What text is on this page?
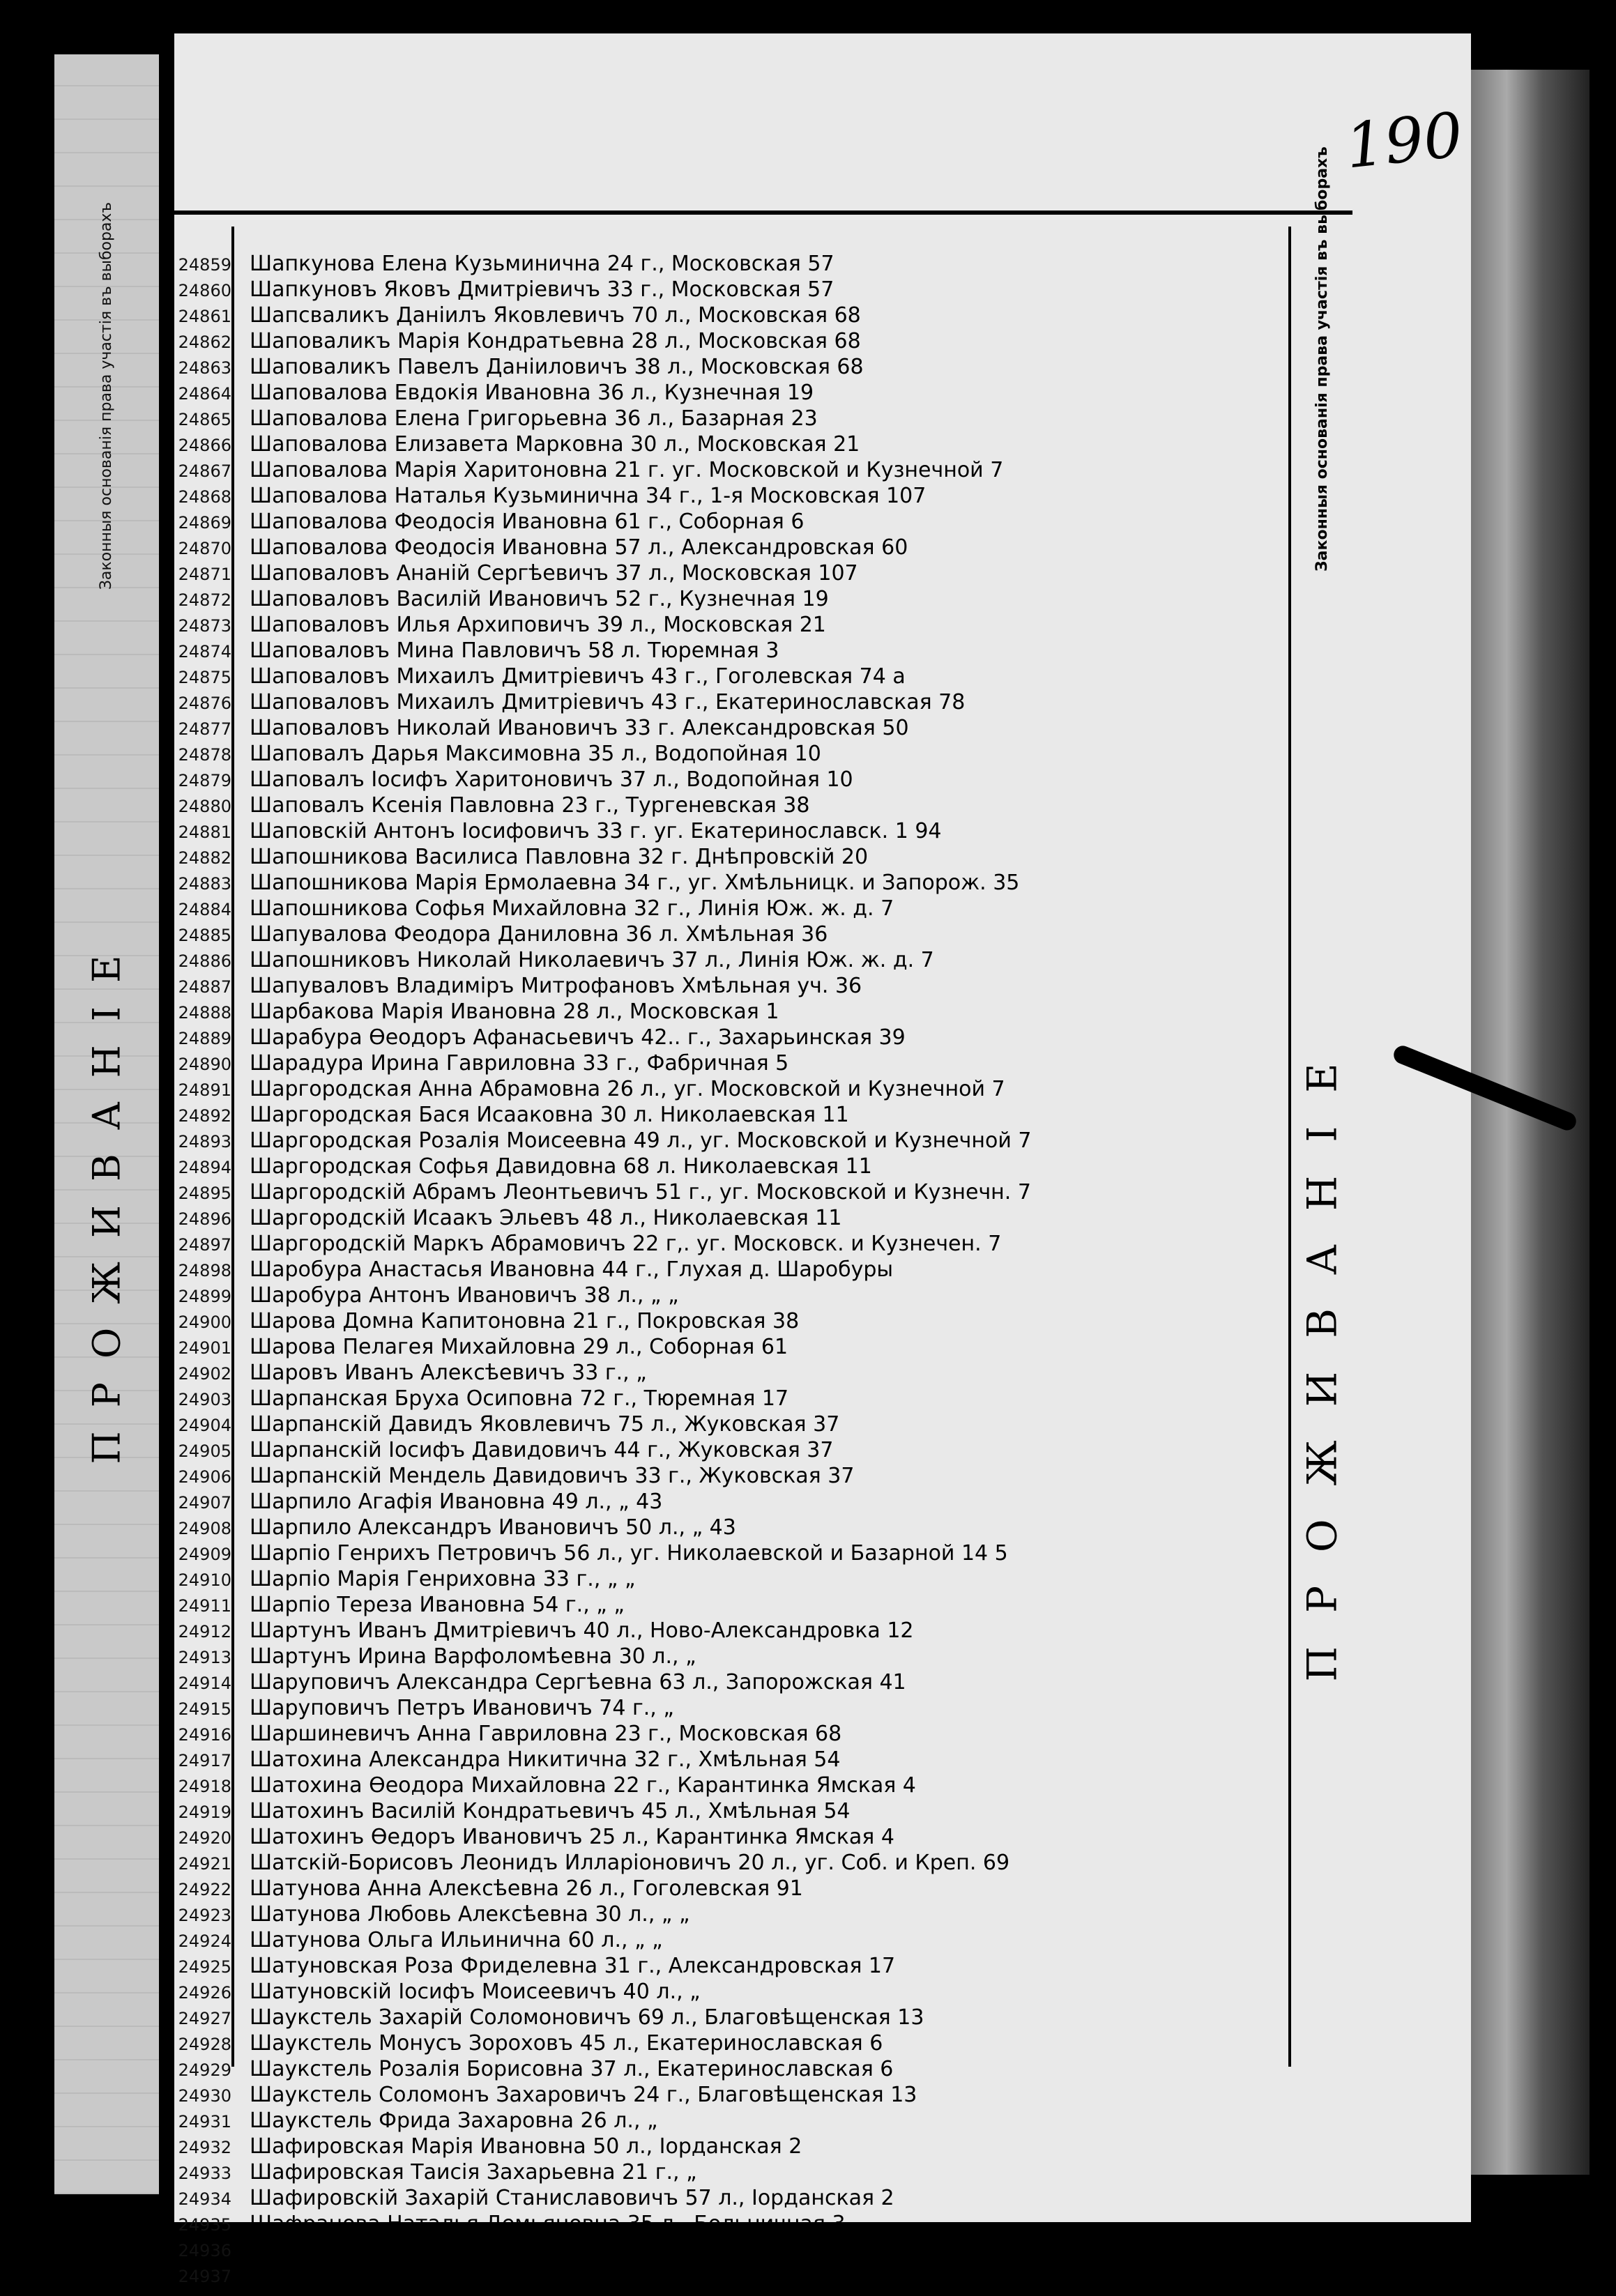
Законныя основанія права участія въ выборахъ
ПРОЖИВАНІЕ
190
24859 Шапкунова Елена Кузьминична 24 г., Московская 57
24860 Шапкуновъ Яковъ Дмитріевичъ 33 г., Московская 57
24861 Шапсваликъ Даніилъ Яковлевичъ 70 л., Московская 68
24862 Шаповаликъ Марія Кондратьевна 28 л., Московская 68
24863 Шаповаликъ Павелъ Даніиловичъ 38 л., Московская 68
24864 Шаповалова Евдокія Ивановна 36 л., Кузнечная 19
24865 Шаповалова Елена Григорьевна 36 л., Базарная 23
24866 Шаповалова Елизавета Марковна 30 л., Московская 21
24867 Шаповалова Марія Харитоновна 21 г. уг. Московской и Кузнечной 7
24868 Шаповалова Наталья Кузьминична 34 г., 1-я Московская 107
24869 Шаповалова Феодосія Ивановна 61 г., Соборная 6
24870 Шаповалова Феодосія Ивановна 57 л., Александровская 60
24871 Шаповаловъ Ананій Сергѣевичъ 37 л., Московская 107
24872 Шаповаловъ Василій Ивановичъ 52 г., Кузнечная 19
24873 Шаповаловъ Илья Архиповичъ 39 л., Московская 21
24874 Шаповаловъ Мина Павловичъ 58 л. Тюремная 3
24875 Шаповаловъ Михаилъ Дмитріевичъ 43 г., Гоголевская 74 а
24876 Шаповаловъ Михаилъ Дмитріевичъ 43 г., Екатеринославская 78
24877 Шаповаловъ Николай Ивановичъ 33 г. Александровская 50
24878 Шаповалъ Дарья Максимовна 35 л., Водопойная 10
24879 Шаповалъ Іосифъ Харитоновичъ 37 л., Водопойная 10
24880 Шаповалъ Ксенія Павловна 23 г., Тургеневская 38
24881 Шаповскій Антонъ Іосифовичъ 33 г. уг. Екатеринославск. 1 94
24882 Шапошникова Василиса Павловна 32 г. Днѣпровскій 20
24883 Шапошникова Марія Ермолаевна 34 г., уг. Хмѣльницк. и Запорож. 35
24884 Шапошникова Софья Михайловна 32 г., Линія Юж. ж. д. 7
24885 Шапувалова Феодора Даниловна 36 л. Хмѣльная 36
24886 Шапошниковъ Николай Николаевичъ 37 л., Линія Юж. ж. д. 7
24887 Шапуваловъ Владиміръ Митрофановъ Хмѣльная уч. 36
24888 Шарбакова Марія Ивановна 28 л., Московская 1
24889 Шарабура Ѳеодоръ Афанасьевичъ 42.. г., Захарьинская 39
24890 Шарадура Ирина Гавриловна 33 г., Фабричная 5
24891 Шаргородская Анна Абрамовна 26 л., уг. Московской и Кузнечной 7
24892 Шаргородская Бася Исааковна 30 л. Николаевская 11
24893 Шаргородская Розалія Моисеевна 49 л., уг. Московской и Кузнечной 7
24894 Шаргородская Софья Давидовна 68 л. Николаевская 11
24895 Шаргородскій Абрамъ Леонтьевичъ 51 г., уг. Московской и Кузнечн. 7
24896 Шаргородскій Исаакъ Эльевъ 48 л., Николаевская 11
24897 Шаргородскій Маркъ Абрамовичъ 22 г,. уг. Московск. и Кузнечен. 7
24898 Шаробура Анастасья Ивановна 44 г., Глухая д. Шаробуры
24899 Шаробура Антонъ Ивановичъ 38 л., „ „
24900 Шарова Домна Капитоновна 21 г., Покровская 38
24901 Шарова Пелагея Михайловна 29 л., Соборная 61
24902 Шаровъ Иванъ Алексѣевичъ 33 г., „
24903 Шарпанская Бруха Осиповна 72 г., Тюремная 17
24904 Шарпанскій Давидъ Яковлевичъ 75 л., Жуковская 37
24905 Шарпанскій Іосифъ Давидовичъ 44 г., Жуковская 37
24906 Шарпанскій Мендель Давидовичъ 33 г., Жуковская 37
24907 Шарпило Агафія Ивановна 49 л., „ 43
24908 Шарпило Александръ Ивановичъ 50 л., „ 43
24909 Шарпіо Генрихъ Петровичъ 56 л., уг. Николаевской и Базарной 14 5
24910 Шарпіо Марія Генриховна 33 г., „ „
24911 Шарпіо Тереза Ивановна 54 г., „ „
24912 Шартунъ Иванъ Дмитріевичъ 40 л., Ново-Александровка 12
24913 Шартунъ Ирина Варфоломѣевна 30 л., „
24914 Шаруповичъ Александра Сергѣевна 63 л., Запорожская 41
24915 Шаруповичъ Петръ Ивановичъ 74 г., „
24916 Шаршиневичъ Анна Гавриловна 23 г., Московская 68
24917 Шатохина Александра Никитична 32 г., Хмѣльная 54
24918 Шатохина Ѳеодора Михайловна 22 г., Карантинка Ямская 4
24919 Шатохинъ Василій Кондратьевичъ 45 л., Хмѣльная 54
24920 Шатохинъ Ѳедоръ Ивановичъ 25 л., Карантинка Ямская 4
24921 Шатскій-Борисовъ Леонидъ Илларіоновичъ 20 л., уг. Соб. и Креп. 69
24922 Шатунова Анна Алексѣевна 26 л., Гоголевская 91
24923 Шатунова Любовь Алексѣевна 30 л., „ „
24924 Шатунова Ольга Ильинична 60 л., „ „
24925 Шатуновская Роза Фриделевна 31 г., Александровская 17
24926 Шатуновскій Іосифъ Моисеевичъ 40 л., „
24927 Шаукстель Захарій Соломоновичъ 69 л., Благовѣщенская 13
24928 Шаукстель Монусъ Зороховъ 45 л., Екатеринославская 6
24929 Шаукстель Розалія Борисовна 37 л., Екатеринославская 6
24930 Шаукстель Соломонъ Захаровичъ 24 г., Благовѣщенская 13
24931 Шаукстель Фрида Захаровна 26 л., „
24932 Шафировская Марія Ивановна 50 л., Іорданская 2
24933 Шафировская Таисія Захарьевна 21 г., „
24934 Шафировскій Захарій Станиславовичъ 57 л., Іорданская 2
24935 Шафранова Наталья Демьяновна 35 л., Больничная 3
24936 Шафрановъ Гавріилъ Александровичъ 47 л., „ „
24937 Шафранскій Игнатъ Іосифовичъ 36 л., Бассейная 17
Законныя основанія права участія въ выборахъ
ПРОЖИВАНІЕ
